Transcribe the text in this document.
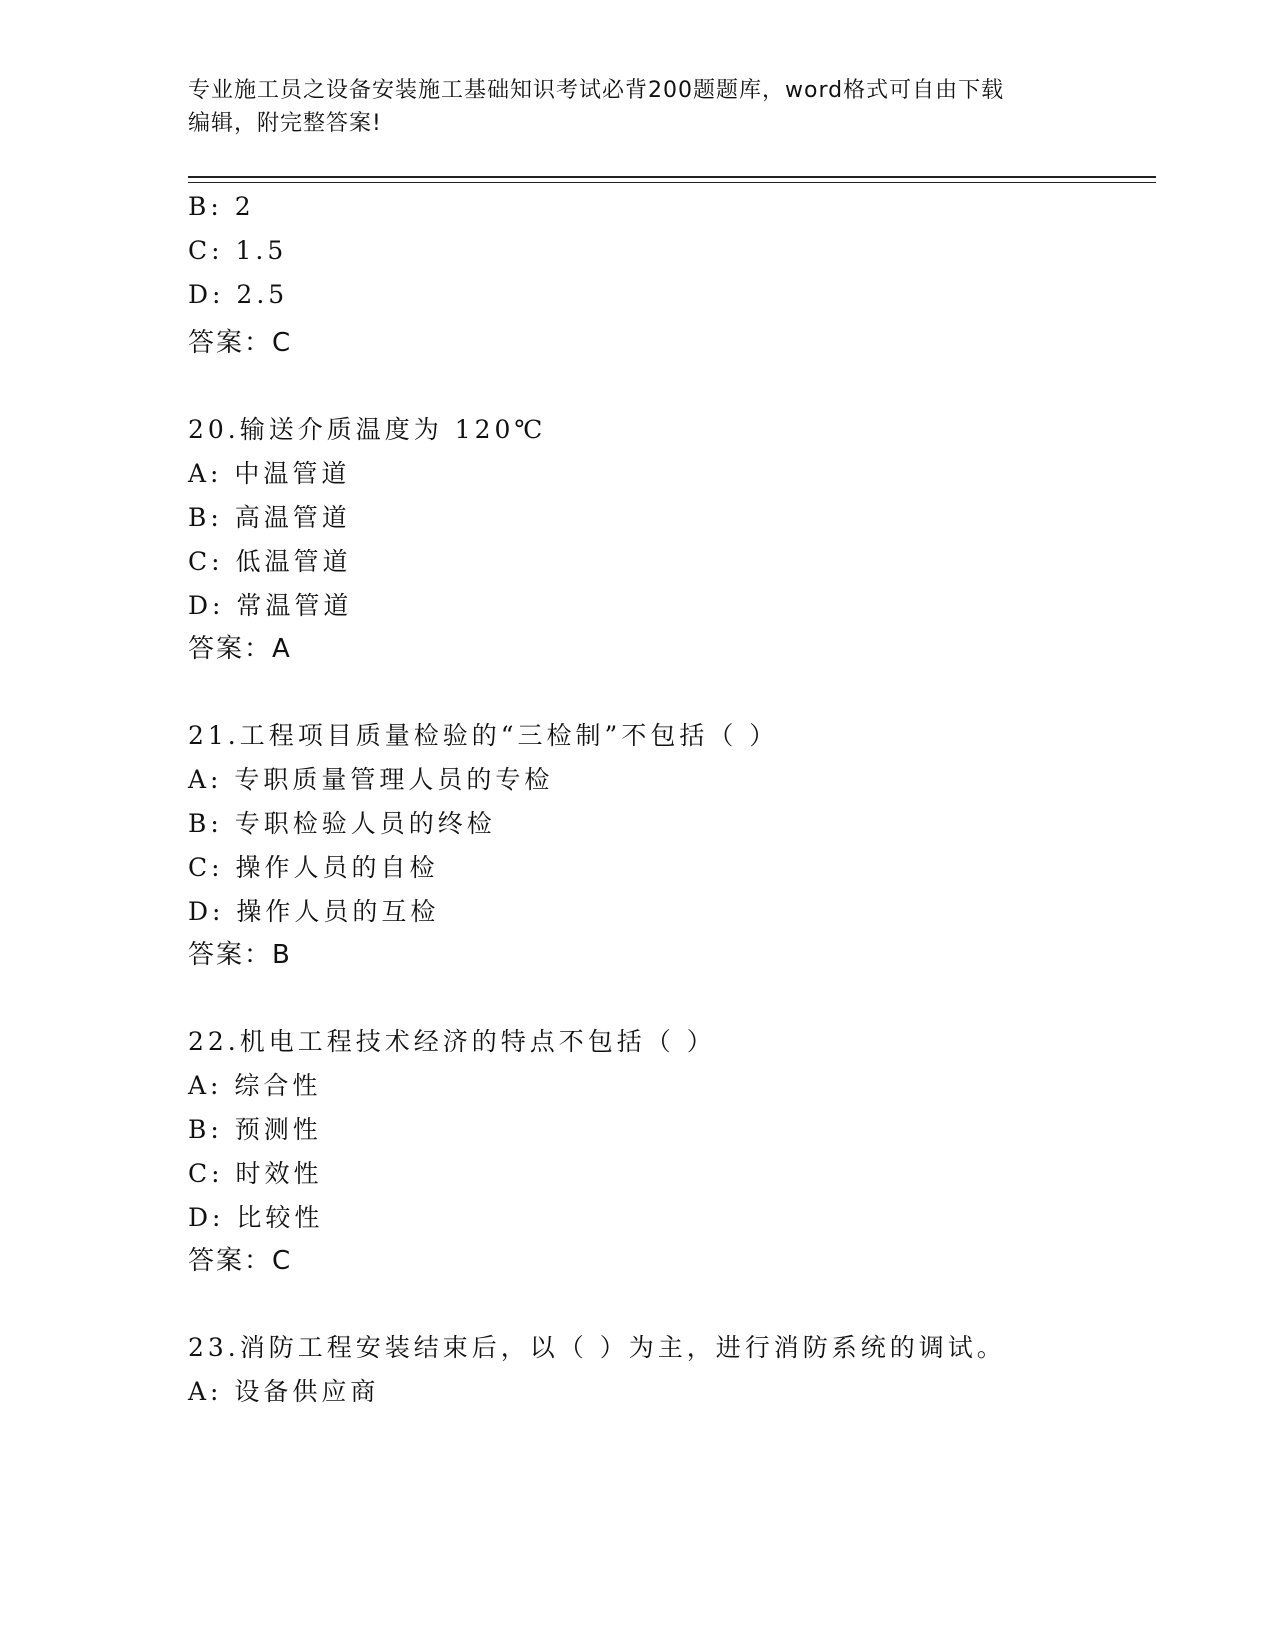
专业施工员之设备安装施工基础知识考试必背200题题库，word格式可自由下载
编辑，附完整答案!
B: 2
C: 1.5
D: 2.5
答案：C
20.输送介质温度为 120℃
A: 中温管道
B: 高温管道
C: 低温管道
D: 常温管道
答案：A
21.工程项目质量检验的“三检制”不包括（ ）
A: 专职质量管理人员的专检
B: 专职检验人员的终检
C: 操作人员的自检
D: 操作人员的互检
答案：B
22.机电工程技术经济的特点不包括（ ）
A: 综合性
B: 预测性
C: 时效性
D: 比较性
答案：C
23.消防工程安装结束后，以（ ）为主，进行消防系统的调试。
A: 设备供应商
